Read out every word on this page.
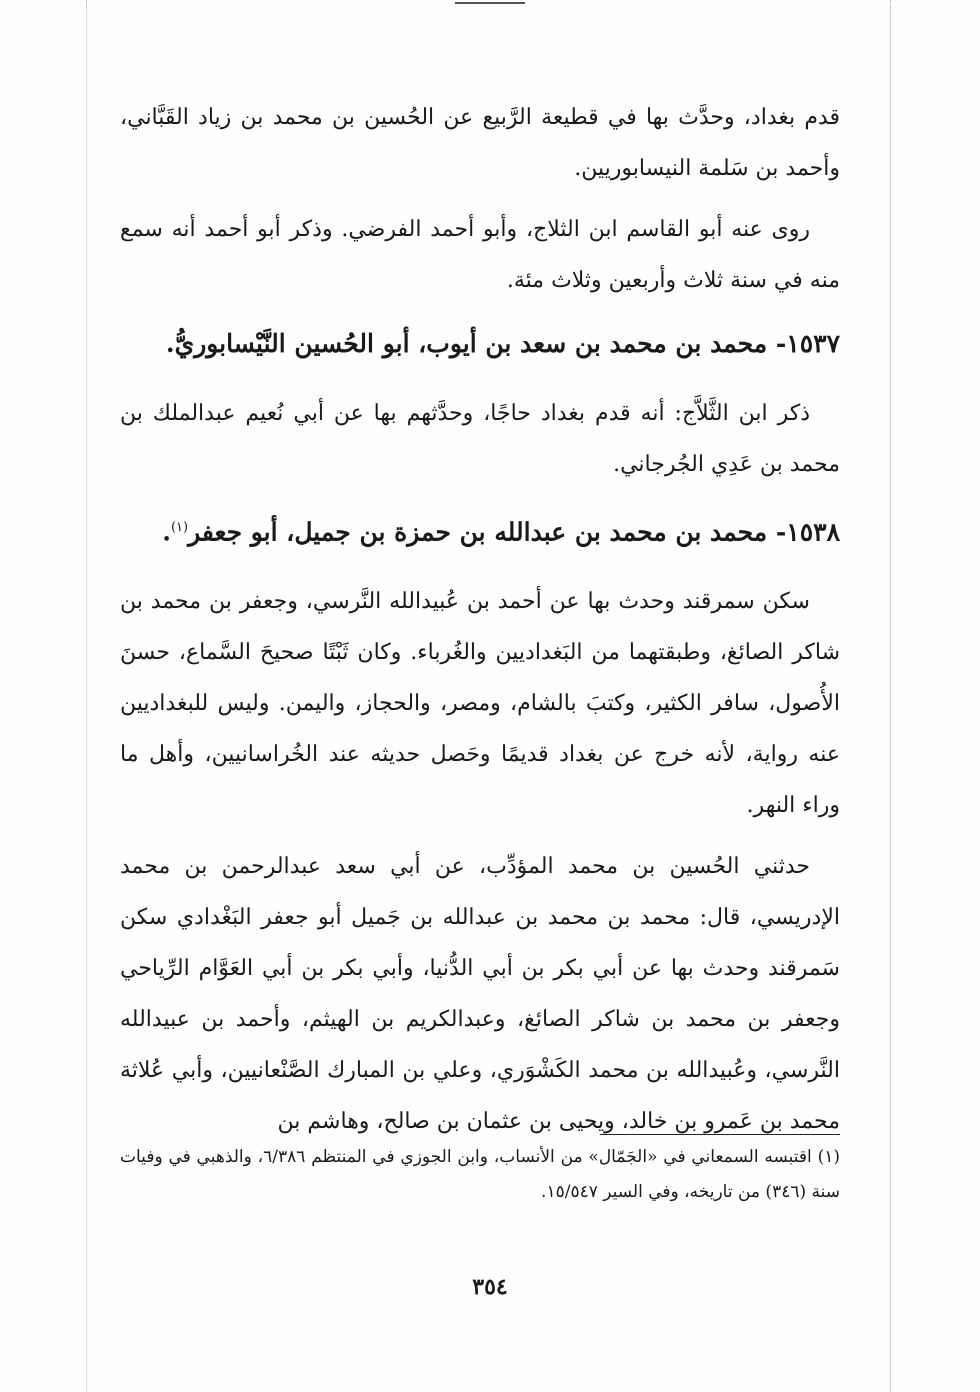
قدم بغداد، وحدَّث بها في قطيعة الرَّبيع عن الحُسين بن محمد بن زياد القَبَّاني، وأحمد بن سَلمة النيسابوريين.

روى عنه أبو القاسم ابن الثلاج، وأبو أحمد الفرضي. وذكر أبو أحمد أنه سمع منه في سنة ثلاث وأربعين وثلاث مئة.

١٥٣٧- محمد بن محمد بن سعد بن أيوب، أبو الحُسين النَّيْسابوريُّ.

ذكر ابن الثَّلاَّج: أنه قدم بغداد حاجًا، وحدَّثهم بها عن أبي نُعيم عبدالملك بن محمد بن عَدِي الجُرجاني.

١٥٣٨- محمد بن محمد بن عبدالله بن حمزة بن جميل، أبو جعفر$^{(١)}$.

سكن سمرقند وحدث بها عن أحمد بن عُبيدالله النَّرسي، وجعفر بن محمد بن شاكر الصائغ، وطبقتهما من البَغداديين والغُرباء. وكان ثَبْتًا صحيحَ السَّماع، حسنَ الأُصول، سافر الكثير، وكتبَ بالشام، ومصر، والحجاز، واليمن. وليس للبغداديين عنه رواية، لأنه خرج عن بغداد قديمًا وحَصل حديثه عند الخُراسانيين، وأهل ما وراء النهر.

حدثني الحُسين بن محمد المؤدِّب، عن أبي سعد عبدالرحمن بن محمد الإدريسي، قال: محمد بن محمد بن عبدالله بن جَميل أبو جعفر البَغْدادي سكن سَمرقند وحدث بها عن أبي بكر بن أبي الدُّنيا، وأبي بكر بن أبي العَوَّام الرِّياحي وجعفر بن محمد بن شاكر الصائغ، وعبدالكريم بن الهيثم، وأحمد بن عبيدالله النَّرسي، وعُبيدالله بن محمد الكَشْوَري، وعلي بن المبارك الصَّنْعانيين، وأبي عُلاثة محمد بن عَمرو بن خالد، ويحيى بن عثمان بن صالح، وهاشم بن

(١) اقتبسه السمعاني في «الجَمّال» من الأنساب، وابن الجوزي في المنتظم ٦/٣٨٦، والذهبي في وفيات سنة (٣٤٦) من تاريخه، وفي السير ١٥/٥٤٧.
٣٥٤
